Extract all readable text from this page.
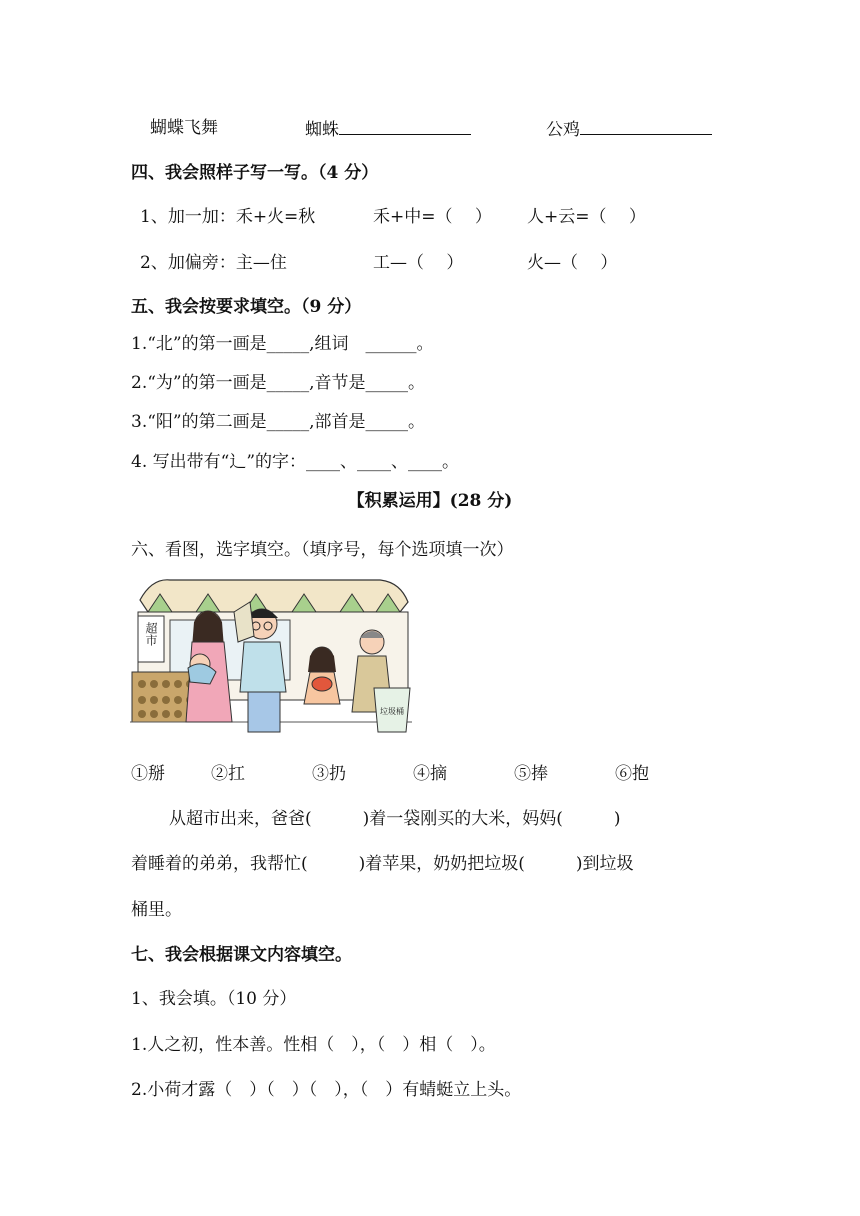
蝴蝶飞舞	蜘蛛	公鸡
四、我会照样子写一写。（4 分）
1、加一加：禾+火=秋	禾+中=（　 ） 人+云=（　 ）
2、加偏旁：主—住	工—（　 ）	火—（　 ）
五、我会按要求填空。（9 分）
1.“北”的第一画是_____,组词　______。
2.“为”的第一画是_____,音节是_____。
3.“阳”的第二画是_____,部首是_____。
4. 写出带有“辶”的字：____、____、____。
【积累运用】(28 分)
六、看图，选字填空。（填序号，每个选项填一次）
超市
垃圾桶
①掰	②扛	③扔	④摘	⑤捧	⑥抱
从超市出来，爸爸(　　　)着一袋刚买的大米，妈妈(　　　)
着睡着的弟弟，我帮忙(　　　)着苹果，奶奶把垃圾(　　　)到垃圾
桶里。
七、我会根据课文内容填空。
1、我会填。（10 分）
1.人之初，性本善。性相（　），（　）相（　）。
2.小荷才露（　）（　）（　），（　）有蜻蜓立上头。
